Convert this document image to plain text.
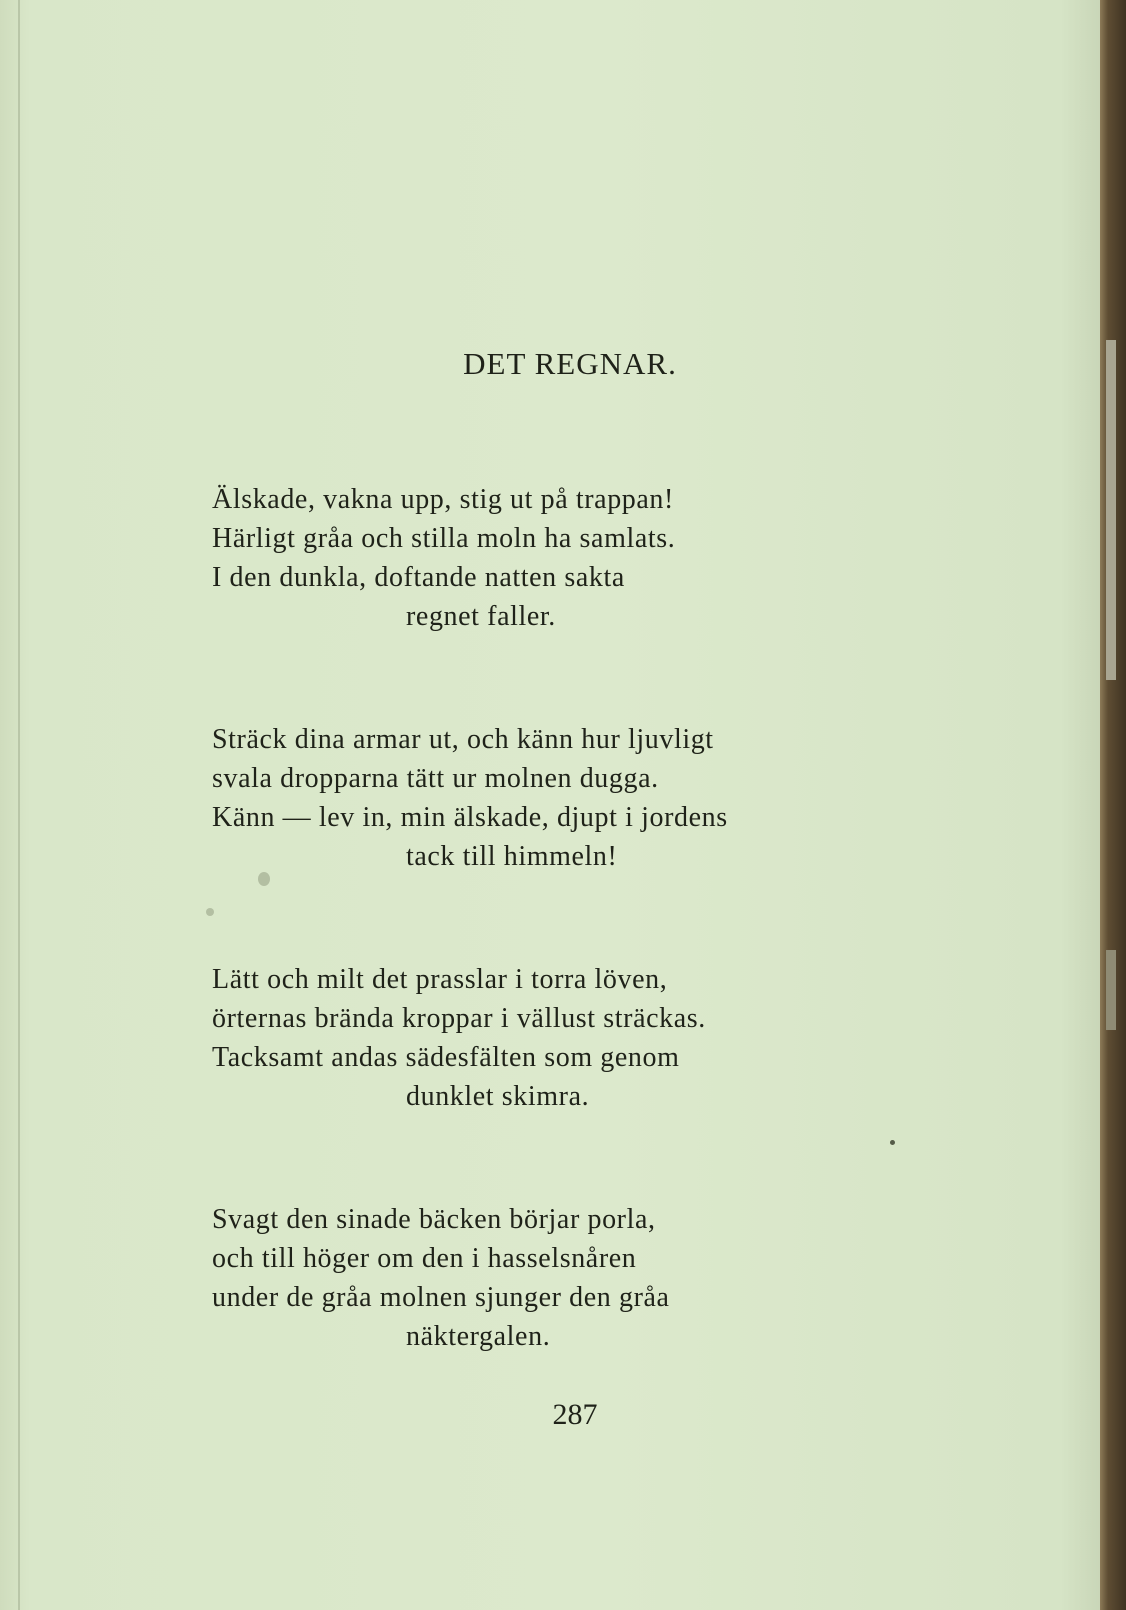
DET REGNAR.
Älskade, vakna upp, stig ut på trappan!
Härligt gråa och stilla moln ha samlats.
I den dunkla, doftande natten sakta
regnet faller.
Sträck dina armar ut, och känn hur ljuvligt
svala dropparna tätt ur molnen dugga.
Känn — lev in, min älskade, djupt i jordens
tack till himmeln!
Lätt och milt det prasslar i torra löven,
örternas brända kroppar i vällust sträckas.
Tacksamt andas sädesfälten som genom
dunklet skimra.
Svagt den sinade bäcken börjar porla,
och till höger om den i hasselsnåren
under de gråa molnen sjunger den gråa
näktergalen.
287
